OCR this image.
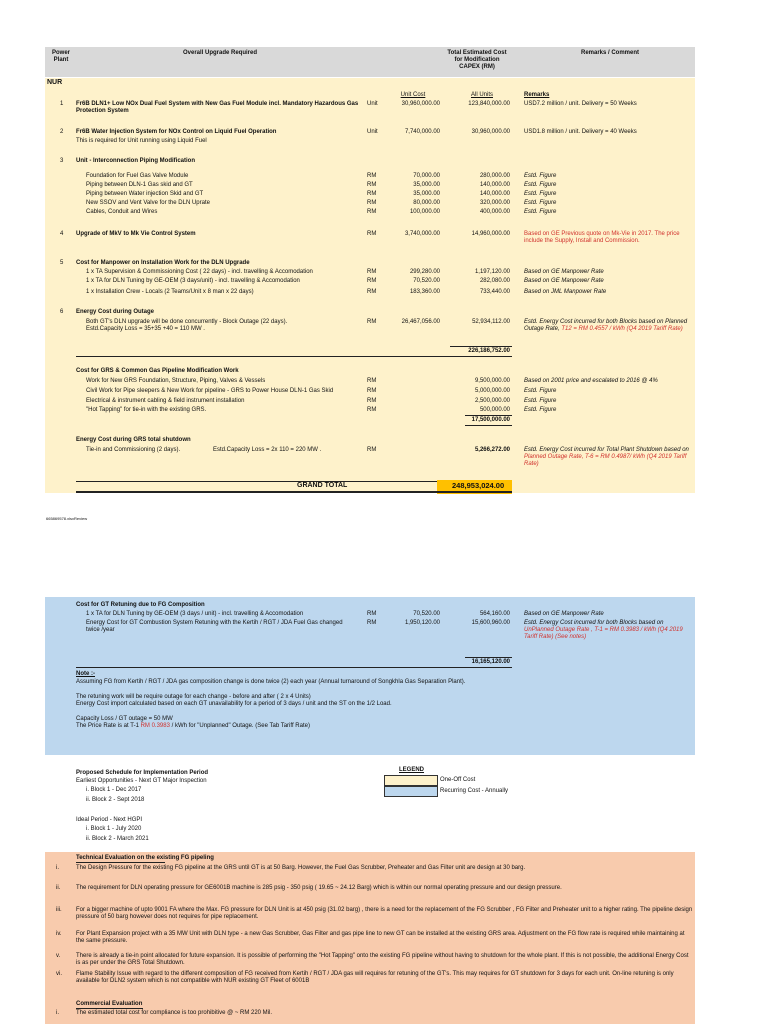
Power
Plant
Overall Upgrade Required	Total Estimated Cost
for Modification
CAPEX (RM)
Remarks / Comment
NUR
Unit Cost	All Units	Remarks
1 Fr6B DLN1+ Low NOx Dual Fuel System with New Gas Fuel Module incl. Mandatory Hazardous Gas Protection System
Unit	30,960,000.00	123,840,000.00 USD7.2 million / unit. Delivery = 50 Weeks
2 Fr6B Water Injection System for NOx Control on Liquid Fuel Operation
This is required for Unit running using Liquid Fuel
Unit	7,740,000.00	30,960,000.00 USD1.8 million / unit. Delivery = 40 Weeks
3 Unit - Interconnection Piping Modification
Foundation for Fuel Gas Valve Module	RM	70,000.00	280,000.00 Estd. Figure
Piping between DLN-1 Gas skid and GT	RM	35,000.00	140,000.00 Estd. Figure
Piping between Water injection Skid and GT	RM	35,000.00	140,000.00 Estd. Figure
New SSOV and Vent Valve for the DLN Uprate	RM	80,000.00	320,000.00 Estd. Figure
Cables, Conduit and Wires	RM	100,000.00	400,000.00 Estd. Figure
4 Upgrade of MkV to Mk Vie Control System	RM	3,740,000.00	14,960,000.00 Based on GE Previous quote on Mk-Vie in 2017. The price include the Supply, Install and Commission.
5 Cost for Manpower on Installation Work for the DLN Upgrade
1 x TA Supervision & Commissioning Cost ( 22 days) - incl. travelling & Accomodation	RM	299,280.00	1,197,120.00 Based on GE Manpower Rate
1 x TA for DLN Tuning by GE-OEM (3 days/unit) - incl. travelling & Accomodation	RM	70,520.00	282,080.00 Based on GE Manpower Rate
1 x Installation Crew - Locals (2 Teams/Unit x 8 man x 22 days)	RM	183,360.00	733,440.00 Based on JML Manpower Rate
6 Energy Cost during Outage
Both GT's DLN upgrade will be done concurrently - Block Outage (22 days).
Estd.Capacity Loss = 35+35 +40 = 110 MW .
RM	26,467,056.00	52,934,112.00 Estd. Energy Cost incurred for both Blocks based on Planned Outage Rate, T12 = RM 0.4557 / kWh (Q4 2019 Tariff Rate)
226,186,752.00
Cost for GRS & Common Gas Pipeline Modification Work
Work for New GRS Foundation, Structure, Piping, Valves & Vessels	RM	9,500,000.00 Based on 2001 price and escalated to 2016 @ 4%
Civil Work for Pipe sleepers & New Work for pipeline - GRS to Power House DLN-1 Gas Skid	RM	5,000,000.00 Estd. Figure
Electrical & instrument cabling & field instrument installation	RM	2,500,000.00 Estd. Figure
"Hot Tapping" for tie-in with the existing GRS.	RM	500,000.00 Estd. Figure
17,500,000.00
Energy Cost during GRS total shutdown
Tie-in and Commissioning (2 days).	Estd.Capacity Loss = 2x 110 = 220 MW .	RM	5,266,272.00 Estd. Energy Cost incurred for Total Plant Shutdown based on Planned Outage Rate, T-6 = RM 0.4987/ kWh (Q4 2019 Tariff Rate)
GRAND TOTAL	248,953,024.00
665869578.xlsxReview
Cost for GT Retuning due to FG Composition
1 x TA for DLN Tuning by GE-OEM (3 days / unit) - incl. travelling & Accomodation	RM	70,520.00	564,160.00 Based on GE Manpower Rate
Energy Cost for GT Combustion System Retuning with the Kertih / RGT / JDA Fuel Gas changed twice /year
RM	1,950,120.00	15,600,960.00 Estd. Energy Cost incurred for both Blocks based on UnPlanned Outage Rate , T-1 = RM 0.3983 / kWh (Q4 2019 Tariff Rate) (See notes)
16,165,120.00
Note :-
Assuming FG from Kertih / RGT / JDA gas composition change is done twice (2) each year (Annual turnaround of Songkhla Gas Separation Plant).
The retuning work will be require outage for each change - before and after ( 2 x 4 Units)
Energy Cost import calculated based on each GT unavailability for a period of 3 days / unit and the ST on the 1/2 Load.
Capacity Loss / GT outage = 50 MW
The Price Rate is at T-1 RM 0.3983 / kWh for "Unplanned" Outage. (See Tab Tariff Rate)
Proposed Schedule for Implementation Period
Earliest Opportunities - Next GT Major Inspection
i. Block 1 - Dec 2017
ii. Block 2 - Sept 2018
Ideal Period - Next HGPI
i. Block 1 - July 2020
ii. Block 2 - March 2021
LEGEND
One-Off Cost
Recurring Cost - Annually
Technical Evaluation on the existing FG pipeling
i.	The Design Pressure for the existing FG pipeline at the GRS until GT is at 50 Barg. However, the Fuel Gas Scrubber, Preheater and Gas Filter unit are design at 30 barg.
ii.	The requirement for DLN operating pressure for GE6001B machine is 285 psig - 350 psig ( 19.65 ~ 24.12 Barg) which is within our normal operating pressure and our design pressure.
iii. For a bigger machine of upto 9001 FA where the Max. FG pressure for DLN Unit is at 450 psig (31.02 barg) , there is a need for the replacement of the FG Scrubber , FG Filter and Preheater unit to a higher rating. The pipeline design pressure of 50 barg however does not requires for pipe replacement.
iv. For Plant Expansion project with a 35 MW Unit with DLN type - a new Gas Scrubber, Gas Filter and gas pipe line to new GT can be installed at the existing GRS area. Adjustment on the FG flow rate is required while maintaining at the same pressure.
v.	There is already a tie-in point allocated for future expansion. It is possible of performing the "Hot Tapping" onto the existing FG pipeline without having to shutdown for the whole plant. If this is not possible, the additional Energy Cost is as per under the GRS Total Shutdown.
vi. Flame Stability Issue with regard to the different composition of FG received from Kertih / RGT / JDA gas will requires for retuning of the GT's. This may requires for GT shutdown for 3 days for each unit. On-line retuning is only available for DLN2 system which is not compatible with NUR existing GT Fleet of 6001B
Commercial Evaluation
i.	The estimated total cost for compliance is too prohibitive @ ~ RM 220 Mil.
